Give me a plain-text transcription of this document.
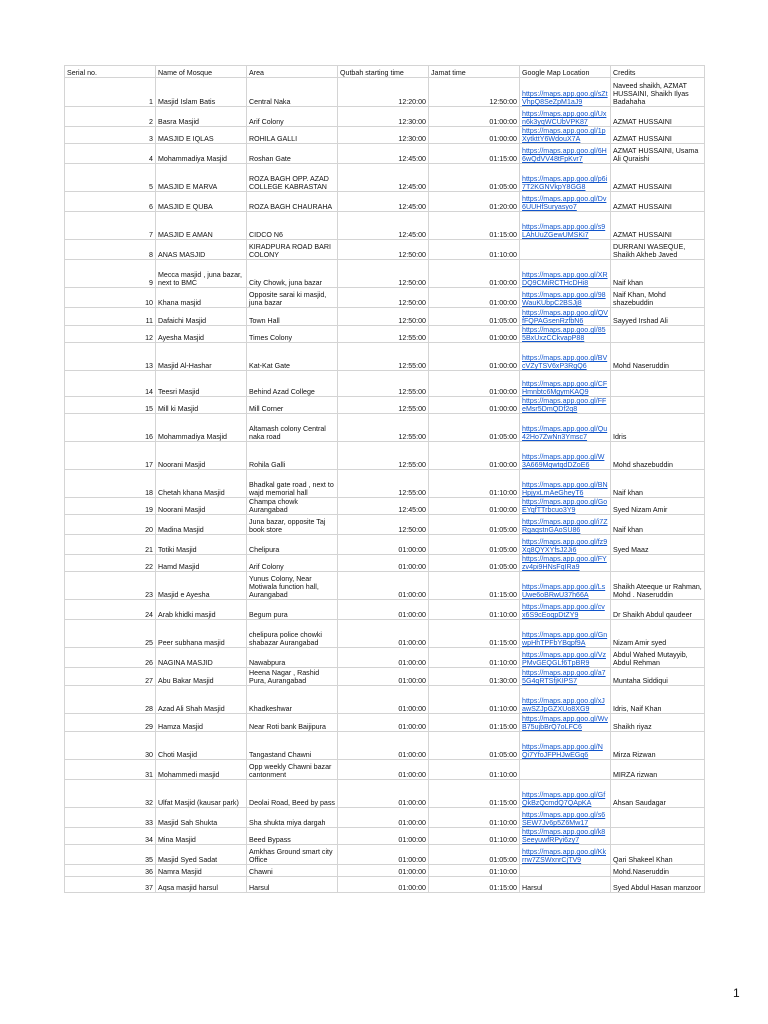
Serial no.	Name of Mosque	Area	Qutbah starting time	Jamat time	Google Map Location	Credits
1	Masjid Islam Batis	Central Naka	12:20:00	12:50:00	https://maps.app.goo.gl/sZtVhpQ8SeZpM1aJ9	Naveed shaikh, AZMAT HUSSAINI, Shaikh Ilyas Badahaha
2	Basra Masjid	Arif Colony	12:30:00	01:00:00	https://maps.app.goo.gl/Uxn6k3yqWCUbVPK87	AZMAT HUSSAINI
3	MASJID E IQLAS	ROHILA GALLI	12:30:00	01:00:00	https://maps.app.goo.gl/1pXytkttY6WdouX7A	AZMAT HUSSAINI
4	Mohammadiya Masjid	Roshan Gate	12:45:00	01:15:00	https://maps.app.goo.gl/6H6wQdVV48tFpKvr7	AZMAT HUSSAINI, Usama Ali Quraishi
5	MASJID E MARVA	ROZA BAGH OPP. AZAD COLLEGE KABRASTAN	12:45:00	01:05:00	https://maps.app.goo.gl/p6i7T2KGNVkpY8GG8	AZMAT HUSSAINI
6	MASJID E QUBA	ROZA BAGH CHAURAHA	12:45:00	01:20:00	https://maps.app.goo.gl/Dv6UUHfSuryasyo7	AZMAT HUSSAINI
7	MASJID E AMAN	CIDCO N6	12:45:00	01:15:00	https://maps.app.goo.gl/s9LAhUuZGewUMSKi7	AZMAT HUSSAINI
8	ANAS MASJID	KIRADPURA ROAD BARI COLONY	12:50:00	01:10:00		DURRANI WASEQUE, Shaikh Akheb Javed
9	Mecca masjid , juna bazar, next to BMC	City Chowk, juna bazar	12:50:00	01:00:00	https://maps.app.goo.gl/XRDQ9CMiRCTHcDHi8	Naif khan
10	Khana masjid	Opposite sarai ki masjid, juna bazar	12:50:00	01:00:00	https://maps.app.goo.gl/98WauKUbpC2BSJj8	Naif Khan, Mohd shazebuddin
11	Dafaichi Masjid	Town Hall	12:50:00	01:05:00	https://maps.app.goo.gl/QVfFQPAGsenRzfbN6	Sayyed Irshad Ali
12	Ayesha Masjid	Times Colony	12:55:00	01:00:00	https://maps.app.goo.gl/855BxUxzCCkvapP88	
13	Masjid Al-Hashar	Kat-Kat Gate	12:55:00	01:00:00	https://maps.app.goo.gl/BVcVZyTSV6xP3RgQ6	Mohd Naseruddin
14	Teesri Masjid	Behind Azad College	12:55:00	01:00:00	https://maps.app.goo.gl/CFHmnbtc6MgymKAQ9	
15	Mill ki Masjid	Mill Corner	12:55:00	01:00:00	https://maps.app.goo.gl/FFeMsr5DmQDf2q8	
16	Mohammadiya Masjid	Altamash colony Central naka road	12:55:00	01:05:00	https://maps.app.goo.gl/Qu42Ho7ZwNn3Ymsc7	Idris
17	Noorani Masjid	Rohila Galli	12:55:00	01:00:00	https://maps.app.goo.gl/W3A669MqwtqdDZoE6	Mohd shazebuddin
18	Chetah khana Masjid	Bhadkal gate road , next to wajd memorial hall	12:55:00	01:10:00	https://maps.app.goo.gl/BNHpjyxLmAeGheyT6	Naif khan
19	Noorani Masjid	Champa chowk Aurangabad	12:45:00	01:00:00	https://maps.app.goo.gl/GoEYqfTTrbcuo3Y9	Syed Nizam Amir
20	Madina Masjid	Juna bazar, opposite Taj book store	12:50:00	01:05:00	https://maps.app.goo.gl/i7ZRgaqstnGAoSU86	Naif khan
21	Totiki Masjid	Chelipura	01:00:00	01:05:00	https://maps.app.goo.gl/fz9Xq8QYXYfsJ2Ji6	Syed Maaz
22	Hamd Masjid	Arif Colony	01:00:00	01:05:00	https://maps.app.goo.gl/FYzv4pi9HNsFqIRa9	
23	Masjid e Ayesha	Yunus Colony, Near Motiwala function hall, Aurangabad	01:00:00	01:15:00	https://maps.app.goo.gl/LsUwe6oBRwU37h66A	Shaikh Ateeque ur Rahman, Mohd . Naseruddin
24	Arab khidki masjid	Begum pura	01:00:00	01:10:00	https://maps.app.goo.gl/cvx6S9cEoqpDtZY9	Dr Shaikh Abdul qaudeer
25	Peer subhana masjid	chelipura police chowki shabazar Aurangabad	01:00:00	01:15:00	https://maps.app.goo.gl/GnwpHhTPFbYBqpf9A	Nizam Amir syed
26	NAGINA MASJID	Nawabpura	01:00:00	01:10:00	https://maps.app.goo.gl/VzPMvGEQGLf6TpBR9	Abdul Wahed Mutayyib, Abdul Rehman
27	Abu Bakar Masjid	Heena Nagar , Rashid Pura, Aurangabad	01:00:00	01:30:00	https://maps.app.goo.gl/a75G4qRTSfjKIPS7	Muntaha Siddiqui
28	Azad Ali Shah Masjid	Khadkeshwar	01:00:00	01:10:00	https://maps.app.goo.gl/xJawSZJpGZXUo8XG9	Idris, Naif Khan
29	Hamza Masjid	Near Roti bank Baijipura	01:00:00	01:15:00	https://maps.app.goo.gl/WvB75ujbBrQ7oLFC6	Shaikh riyaz
30	Choti Masjid	Tangastand Chawni	01:00:00	01:05:00	https://maps.app.goo.gl/NQi7YfoJFPHJwEGq6	Mirza Rizwan
31	Mohammedi masjid	Opp weekly Chawni bazar cantonment	01:00:00	01:10:00		MIRZA rizwan
32	Ulfat Masjid (kausar park)	Deolai Road, Beed by pass	01:00:00	01:15:00	https://maps.app.goo.gl/GfQkBzQcmdQ7QApKA	Ahsan Saudagar
33	Masjid Sah Shukta	Sha shukta miya dargah	01:00:00	01:10:00	https://maps.app.goo.gl/s6SEW7Jv6p5Z6Mw17	
34	Mina Masjid	Beed Bypass	01:00:00	01:10:00	https://maps.app.goo.gl/k8SeeyuwfRPyi6zy7	
35	Masjid Syed Sadat	Amkhas Ground smart city Office	01:00:00	01:05:00	https://maps.app.goo.gl/Kkrrw7ZSWxnrCjTV9	Qari Shakeel Khan
36	Namra Masjid	Chawni	01:00:00	01:10:00		Mohd.Naseruddin
37	Aqsa masjid harsul	Harsul	01:00:00	01:15:00	Harsul	Syed Abdul Hasan manzoor
1
